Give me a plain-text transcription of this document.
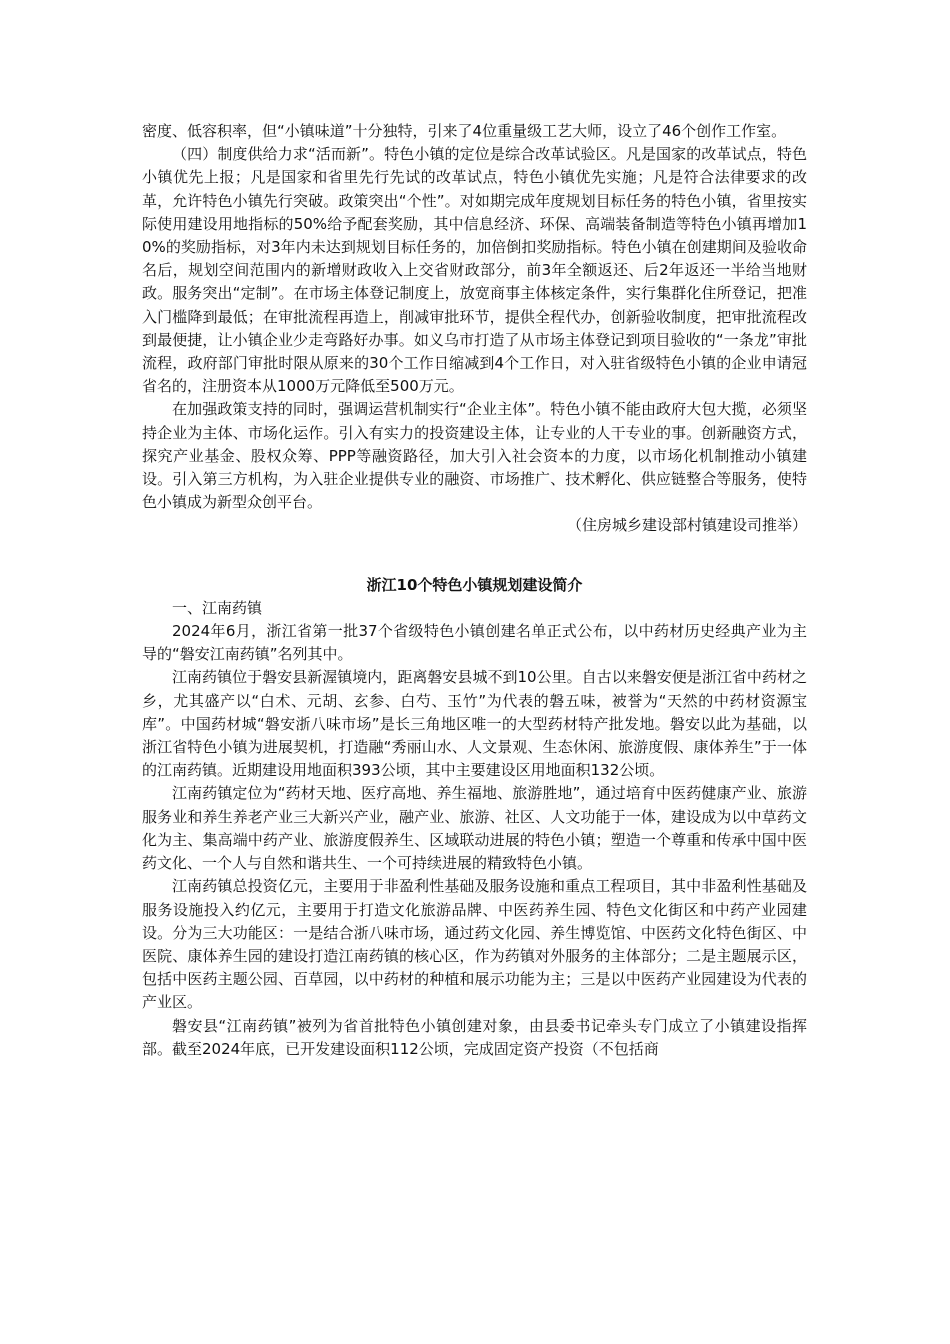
密度、低容积率，但“小镇味道”十分独特，引来了4位重量级工艺大师，设立了46个创作工作室。

（四）制度供给力求“活而新”。特色小镇的定位是综合改革试验区。凡是国家的改革试点，特色小镇优先上报；凡是国家和省里先行先试的改革试点，特色小镇优先实施；凡是符合法律要求的改革，允许特色小镇先行突破。政策突出“个性”。对如期完成年度规划目标任务的特色小镇，省里按实际使用建设用地指标的50%给予配套奖励，其中信息经济、环保、高端装备制造等特色小镇再增加10%的奖励指标，对3年内未达到规划目标任务的，加倍倒扣奖励指标。特色小镇在创建期间及验收命名后，规划空间范围内的新增财政收入上交省财政部分，前3年全额返还、后2年返还一半给当地财政。服务突出“定制”。在市场主体登记制度上，放宽商事主体核定条件，实行集群化住所登记，把准入门槛降到最低；在审批流程再造上，削减审批环节，提供全程代办，创新验收制度，把审批流程改到最便捷，让小镇企业少走弯路好办事。如义乌市打造了从市场主体登记到项目验收的“一条龙”审批流程，政府部门审批时限从原来的30个工作日缩减到4个工作日，对入驻省级特色小镇的企业申请冠省名的，注册资本从1000万元降低至500万元。

在加强政策支持的同时，强调运营机制实行“企业主体”。特色小镇不能由政府大包大揽，必须坚持企业为主体、市场化运作。引入有实力的投资建设主体，让专业的人干专业的事。创新融资方式，探究产业基金、股权众筹、PPP等融资路径，加大引入社会资本的力度，以市场化机制推动小镇建设。引入第三方机构，为入驻企业提供专业的融资、市场推广、技术孵化、供应链整合等服务，使特色小镇成为新型众创平台。

（住房城乡建设部村镇建设司推举）

浙江10个特色小镇规划建设简介

一、江南药镇

2024年6月，浙江省第一批37个省级特色小镇创建名单正式公布，以中药材历史经典产业为主导的“磐安江南药镇”名列其中。

江南药镇位于磐安县新渥镇境内，距离磐安县城不到10公里。自古以来磐安便是浙江省中药材之乡，尤其盛产以“白术、元胡、玄参、白芍、玉竹”为代表的磐五味，被誉为“天然的中药材资源宝库”。中国药材城“磐安浙八味市场”是长三角地区唯一的大型药材特产批发地。磐安以此为基础，以浙江省特色小镇为进展契机，打造融“秀丽山水、人文景观、生态休闲、旅游度假、康体养生”于一体的江南药镇。近期建设用地面积393公顷，其中主要建设区用地面积132公顷。

江南药镇定位为“药材天地、医疗高地、养生福地、旅游胜地”，通过培育中医药健康产业、旅游服务业和养生养老产业三大新兴产业，融产业、旅游、社区、人文功能于一体，建设成为以中草药文化为主、集高端中药产业、旅游度假养生、区域联动进展的特色小镇；塑造一个尊重和传承中国中医药文化、一个人与自然和谐共生、一个可持续进展的精致特色小镇。

江南药镇总投资亿元，主要用于非盈利性基础及服务设施和重点工程项目，其中非盈利性基础及服务设施投入约亿元，主要用于打造文化旅游品牌、中医药养生园、特色文化街区和中药产业园建设。分为三大功能区：一是结合浙八味市场，通过药文化园、养生博览馆、中医药文化特色街区、中医院、康体养生园的建设打造江南药镇的核心区，作为药镇对外服务的主体部分；二是主题展示区，包括中医药主题公园、百草园，以中药材的种植和展示功能为主；三是以中医药产业园建设为代表的产业区。

磐安县“江南药镇”被列为省首批特色小镇创建对象，由县委书记牵头专门成立了小镇建设指挥部。截至2024年底，已开发建设面积112公顷，完成固定资产投资（不包括商
